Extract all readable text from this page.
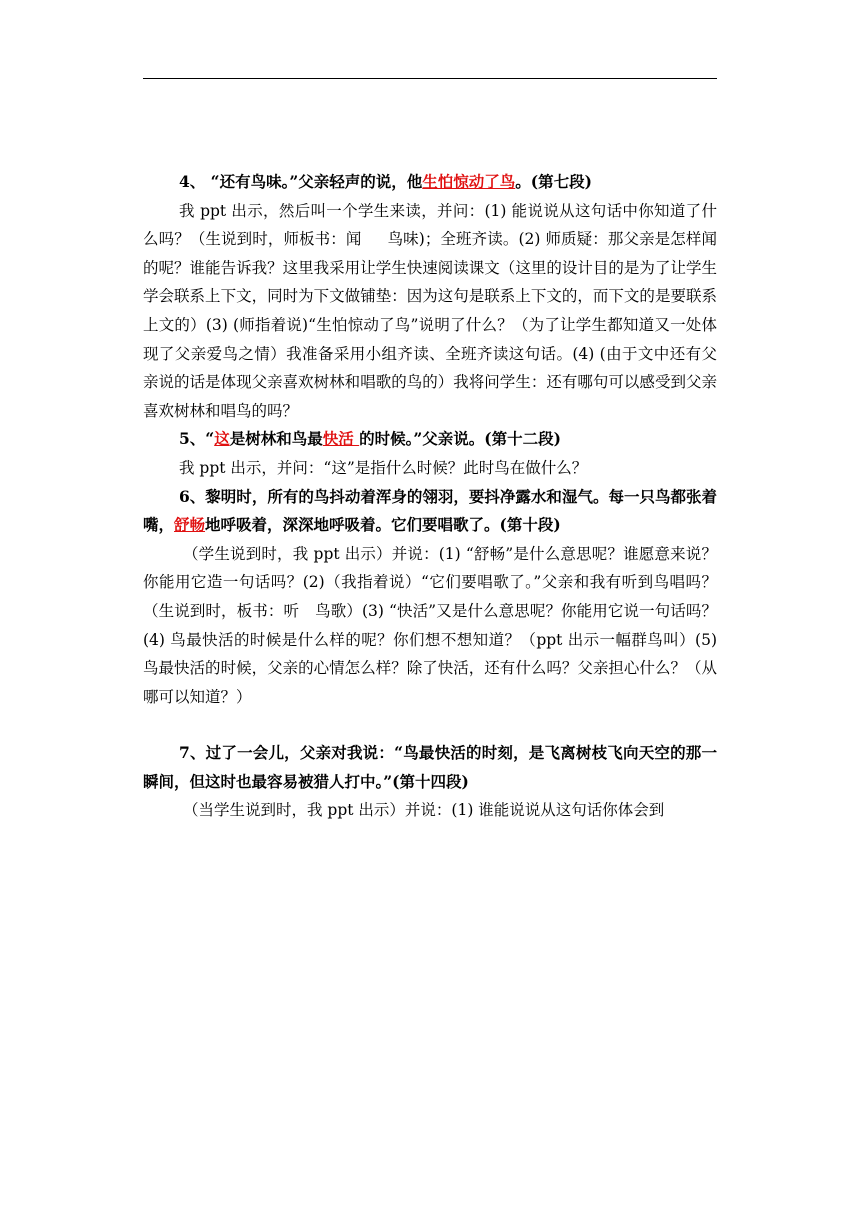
4、 “还有鸟味。”父亲轻声的说，他生怕惊动了鸟。(第七段)

我 ppt 出示，然后叫一个学生来读，并问：(1) 能说说从这句话中你知道了什么吗？（生说到时，师板书：闻 鸟味)；全班齐读。(2) 师质疑：那父亲是怎样闻的呢？谁能告诉我？这里我采用让学生快速阅读课文（这里的设计目的是为了让学生学会联系上下文，同时为下文做铺垫：因为这句是联系上下文的，而下文的是要联系上文的）(3) (师指着说)“生怕惊动了鸟”说明了什么？（为了让学生都知道又一处体现了父亲爱鸟之情）我准备采用小组齐读、全班齐读这句话。(4) (由于文中还有父亲说的话是体现父亲喜欢树林和唱歌的鸟的）我将问学生：还有哪句可以感受到父亲喜欢树林和唱鸟的吗？

5、“这是树林和鸟最快活 的时候。”父亲说。(第十二段)

我 ppt 出示，并问：“这”是指什么时候？此时鸟在做什么？

6、黎明时，所有的鸟抖动着浑身的翎羽，要抖净露水和湿气。每一只鸟都张着嘴，舒畅地呼吸着，深深地呼吸着。它们要唱歌了。(第十段)

（学生说到时，我 ppt 出示）并说：(1) “舒畅”是什么意思呢？谁愿意来说？你能用它造一句话吗？(2)（我指着说）“它们要唱歌了。”父亲和我有听到鸟唱吗？（生说到时，板书：听 鸟歌）(3) “快活”又是什么意思呢？你能用它说一句话吗？(4) 鸟最快活的时候是什么样的呢？你们想不想知道？（ppt 出示一幅群鸟叫）(5) 鸟最快活的时候，父亲的心情怎么样？除了快活，还有什么吗？父亲担心什么？（从哪可以知道？）

7、过了一会儿，父亲对我说：“鸟最快活的时刻，是飞离树枝飞向天空的那一瞬间，但这时也最容易被猎人打中。”(第十四段)

（当学生说到时，我 ppt 出示）并说：(1) 谁能说说从这句话你体会到
